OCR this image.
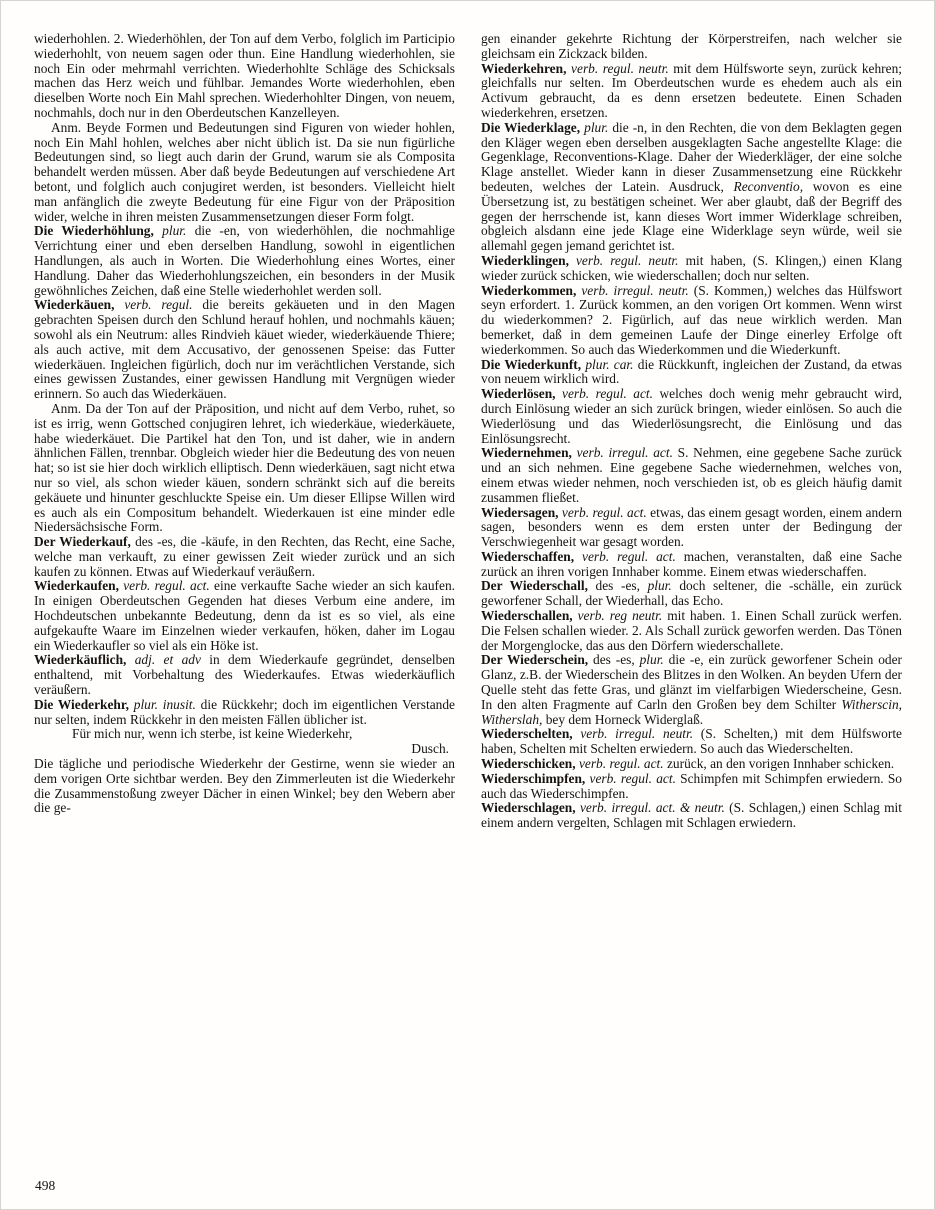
wiederhohlen. 2. Wiederhöhlen, der Ton auf dem Verbo, folglich im Participio wiederhohlt, von neuem sagen oder thun. Eine Handlung wiederhohlen, sie noch Ein oder mehrmahl verrichten. Wiederhohlte Schläge des Schicksals machen das Herz weich und fühlbar. Jemandes Worte wiederhohlen, eben dieselben Worte noch Ein Mahl sprechen. Wiederhohlter Dingen, von neuem, nochmahls, doch nur in den Oberdeutschen Kanzelleyen.

Anm. Beyde Formen und Bedeutungen sind Figuren von wieder hohlen, noch Ein Mahl hohlen, welches aber nicht üblich ist. Da sie nun figürliche Bedeutungen sind, so liegt auch darin der Grund, warum sie als Composita behandelt werden müssen. Aber daß beyde Bedeutungen auf verschiedene Art betont, und folglich auch conjugiret werden, ist besonders. Vielleicht hielt man anfänglich die zweyte Bedeutung für eine Figur von der Präposition wider, welche in ihren meisten Zusammensetzungen dieser Form folgt.

Die Wiederhöhlung, plur. die -en, von wiederhöhlen, die nochmahlige Verrichtung einer und eben derselben Handlung, sowohl in eigentlichen Handlungen, als auch in Worten. Die Wiederhohlung eines Wortes, einer Handlung. Daher das Wiederhohlungszeichen, ein besonders in der Musik gewöhnliches Zeichen, daß eine Stelle wiederhohlet werden soll.

Wiederkäuen, verb. regul. die bereits gekäueten und in den Magen gebrachten Speisen durch den Schlund herauf hohlen, und nochmahls käuen; sowohl als ein Neutrum: alles Rindvieh käuet wieder, wiederkäuende Thiere; als auch active, mit dem Accusativo, der genossenen Speise: das Futter wiederkäuen. Ingleichen figürlich, doch nur im verächtlichen Verstande, sich eines gewissen Zustandes, einer gewissen Handlung mit Vergnügen wieder erinnern. So auch das Wiederkäuen.

Anm. Da der Ton auf der Präposition, und nicht auf dem Verbo, ruhet, so ist es irrig, wenn Gottsched conjugiren lehret, ich wiederkäue, wiederkäuete, habe wiederkäuet. Die Partikel hat den Ton, und ist daher, wie in andern ähnlichen Fällen, trennbar. Obgleich wieder hier die Bedeutung des von neuen hat; so ist sie hier doch wirklich elliptisch. Denn wiederkäuen, sagt nicht etwa nur so viel, als schon wieder käuen, sondern schränkt sich auf die bereits gekäuete und hinunter geschluckte Speise ein. Um dieser Ellipse Willen wird es auch als ein Compositum behandelt. Wiederkauen ist eine minder edle Niedersächsische Form.

Der Wiederkauf, des -es, die -käufe, in den Rechten, das Recht, eine Sache, welche man verkauft, zu einer gewissen Zeit wieder zurück und an sich kaufen zu können. Etwas auf Wiederkauf veräußern.

Wiederkaufen, verb. regul. act. eine verkaufte Sache wieder an sich kaufen. In einigen Oberdeutschen Gegenden hat dieses Verbum eine andere, im Hochdeutschen unbekannte Bedeutung, denn da ist es so viel, als eine aufgekaufte Waare im Einzelnen wieder verkaufen, höken, daher im Logau ein Wiederkaufler so viel als ein Höke ist.

Wiederkäuflich, adj. et adv in dem Wiederkaufe gegründet, denselben enthaltend, mit Vorbehaltung des Wiederkaufes. Etwas wiederkäuflich veräußern.

Die Wiederkehr, plur. inusit. die Rückkehr; doch im eigentlichen Verstande nur selten, indem Rückkehr in den meisten Fällen üblicher ist.

Für mich nur, wenn ich sterbe, ist keine Wiederkehr,

Dusch.

Die tägliche und periodische Wiederkehr der Gestirne, wenn sie wieder an dem vorigen Orte sichtbar werden. Bey den Zimmerleuten ist die Wiederkehr die Zusammenstoßung zweyer Dächer in einen Winkel; bey den Webern aber die ge-

gen einander gekehrte Richtung der Körperstreifen, nach welcher sie gleichsam ein Zickzack bilden.

Wiederkehren, verb. regul. neutr. mit dem Hülfsworte seyn, zurück kehren; gleichfalls nur selten. Im Oberdeutschen wurde es ehedem auch als ein Activum gebraucht, da es denn ersetzen bedeutete. Einen Schaden wiederkehren, ersetzen.

Die Wiederklage, plur. die -n, in den Rechten, die von dem Beklagten gegen den Kläger wegen eben derselben ausgeklagten Sache angestellte Klage: die Gegenklage, Reconventions-Klage. Daher der Wiederkläger, der eine solche Klage anstellet. Wieder kann in dieser Zusammensetzung eine Rückkehr bedeuten, welches der Latein. Ausdruck, Reconventio, wovon es eine Übersetzung ist, zu bestätigen scheinet. Wer aber glaubt, daß der Begriff des gegen der herrschende ist, kann dieses Wort immer Widerklage schreiben, obgleich alsdann eine jede Klage eine Widerklage seyn würde, weil sie allemahl gegen jemand gerichtet ist.

Wiederklingen, verb. regul. neutr. mit haben, (S. Klingen,) einen Klang wieder zurück schicken, wie wiederschallen; doch nur selten.

Wiederkommen, verb. irregul. neutr. (S. Kommen,) welches das Hülfswort seyn erfordert. 1. Zurück kommen, an den vorigen Ort kommen. Wenn wirst du wiederkommen? 2. Figürlich, auf das neue wirklich werden. Man bemerket, daß in dem gemeinen Laufe der Dinge einerley Erfolge oft wiederkommen. So auch das Wiederkommen und die Wiederkunft.

Die Wiederkunft, plur. car. die Rückkunft, ingleichen der Zustand, da etwas von neuem wirklich wird.

Wiederlösen, verb. regul. act. welches doch wenig mehr gebraucht wird, durch Einlösung wieder an sich zurück bringen, wieder einlösen. So auch die Wiederlösung und das Wiederlösungsrecht, die Einlösung und das Einlösungsrecht.

Wiedernehmen, verb. irregul. act. S. Nehmen, eine gegebene Sache zurück und an sich nehmen. Eine gegebene Sache wiedernehmen, welches von, einem etwas wieder nehmen, noch verschieden ist, ob es gleich häufig damit zusammen fließet.

Wiedersagen, verb. regul. act. etwas, das einem gesagt worden, einem andern sagen, besonders wenn es dem ersten unter der Bedingung der Verschwiegenheit war gesagt worden.

Wiederschaffen, verb. regul. act. machen, veranstalten, daß eine Sache zurück an ihren vorigen Innhaber komme. Einem etwas wiederschaffen.

Der Wiederschall, des -es, plur. doch seltener, die -schälle, ein zurück geworfener Schall, der Wiederhall, das Echo.

Wiederschallen, verb. reg neutr. mit haben. 1. Einen Schall zurück werfen. Die Felsen schallen wieder. 2. Als Schall zurück geworfen werden. Das Tönen der Morgenglocke, das aus den Dörfern wiederschallete.

Der Wiederschein, des -es, plur. die -e, ein zurück geworfener Schein oder Glanz, z.B. der Wiederschein des Blitzes in den Wolken. An beyden Ufern der Quelle steht das fette Gras, und glänzt im vielfarbigen Wiederscheine, Gesn. In den alten Fragmente auf Carln den Großen bey dem Schilter Witherscin, Witherslah, bey dem Horneck Widerglaß.

Wiederschelten, verb. irregul. neutr. (S. Schelten,) mit dem Hülfsworte haben, Schelten mit Schelten erwiedern. So auch das Wiederschelten.

Wiederschicken, verb. regul. act. zurück, an den vorigen Innhaber schicken.

Wiederschimpfen, verb. regul. act. Schimpfen mit Schimpfen erwiedern. So auch das Wiederschimpfen.

Wiederschlagen, verb. irregul. act. & neutr. (S. Schlagen,) einen Schlag mit einem andern vergelten, Schlagen mit Schlagen erwiedern.

498
